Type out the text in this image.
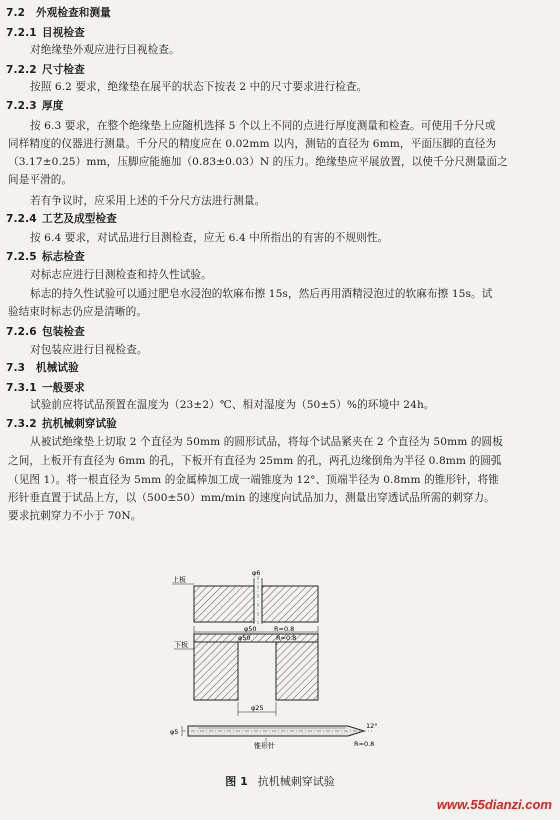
7.2 外观检查和测量
7.2.1 目视检查
对绝缘垫外观应进行目视检查。
7.2.2 尺寸检查
按照 6.2 要求，绝缘垫在展平的状态下按表 2 中的尺寸要求进行检查。
7.2.3 厚度
按 6.3 要求，在整个绝缘垫上应随机选择 5 个以上不同的点进行厚度测量和检查。可使用千分尺或
同样精度的仪器进行测量。千分尺的精度应在 0.02mm 以内，测钻的直径为 6mm，平面压脚的直径为
（3.17±0.25）mm，压脚应能施加（0.83±0.03）N 的压力。绝缘垫应平展放置，以使千分尺测量面之
间是平滑的。
若有争议时，应采用上述的千分尺方法进行测量。
7.2.4 工艺及成型检查
按 6.4 要求，对试品进行目测检查，应无 6.4 中所指出的有害的不规则性。
7.2.5 标志检查
对标志应进行目测检查和持久性试验。
标志的持久性试验可以通过肥皂水浸泡的软麻布擦 15s，然后再用酒精浸泡过的软麻布擦 15s。试
验结束时标志仍应是清晰的。
7.2.6 包装检查
对包装应进行目视检查。
7.3 机械试验
7.3.1 一般要求
试验前应将试品预置在温度为（23±2）℃、相对湿度为（50±5）%的环境中 24h。
7.3.2 抗机械刺穿试验
从被试绝缘垫上切取 2 个直径为 50mm 的圆形试品，将每个试品紧夹在 2 个直径为 50mm 的圆板
之间，上板开有直径为 6mm 的孔，下板开有直径为 25mm 的孔，两孔边缘倒角为半径 0.8mm 的圆弧
（见图 1）。将一根直径为 5mm 的金属棒加工成一端锥度为 12°、顶端半径为 0.8mm 的锥形针，将锥
形针垂直置于试品上方，以（500±50）mm/min 的速度向试品加力，测量出穿透试品所需的刺穿力。
要求抗刺穿力不小于 70N。
上板
φ6
φ50	R=0.8
下板
φ50	R=0.8
φ25
φ5
12°
R=0.8
锥形针
图 1 抗机械刺穿试验
www.55dianzi.com
